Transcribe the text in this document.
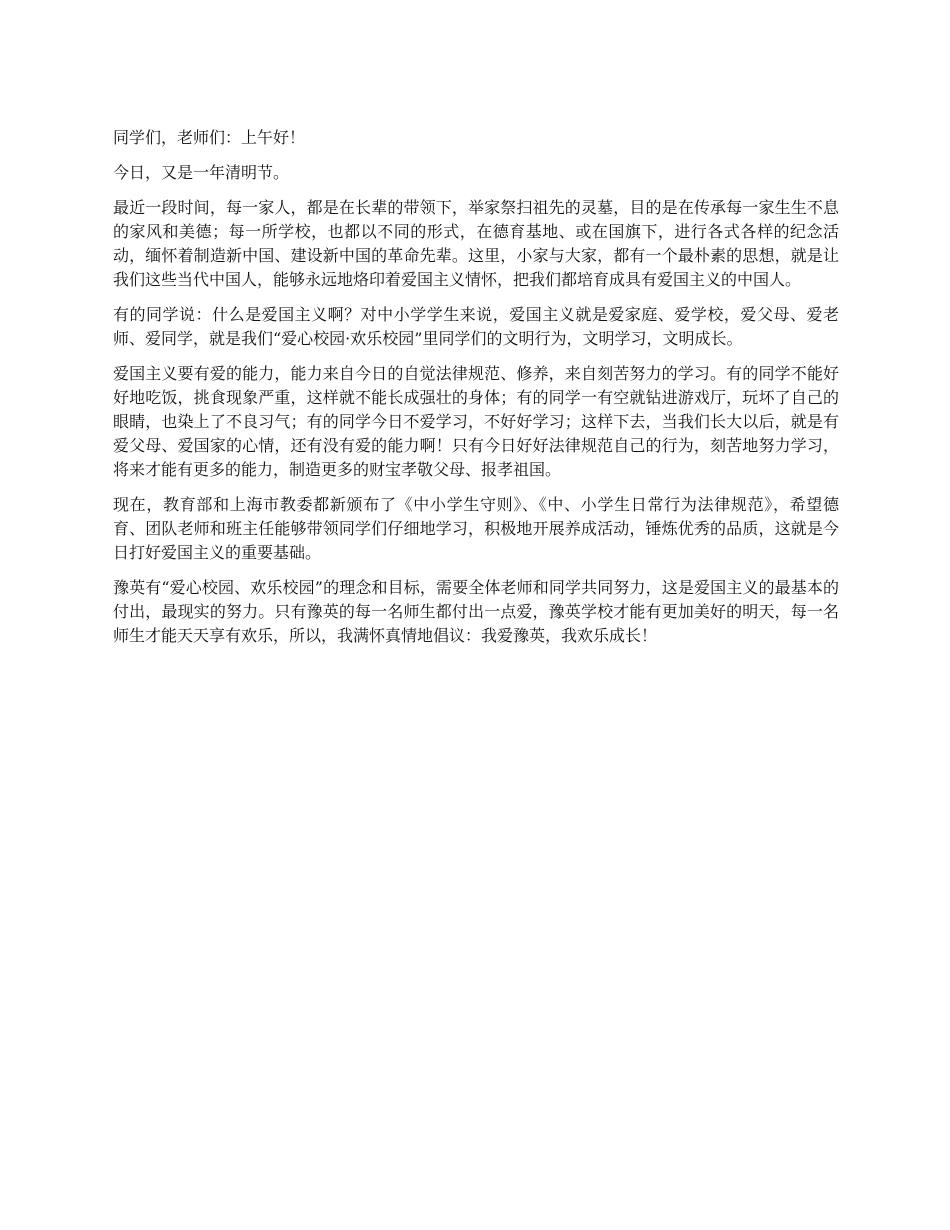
同学们，老师们：上午好！

今日，又是一年清明节。

最近一段时间，每一家人，都是在长辈的带领下，举家祭扫祖先的灵墓，目的是在传承每一家生生不息的家风和美德；每一所学校，也都以不同的形式，在德育基地、或在国旗下，进行各式各样的纪念活动，缅怀着制造新中国、建设新中国的革命先辈。这里，小家与大家，都有一个最朴素的思想，就是让我们这些当代中国人，能够永远地烙印着爱国主义情怀，把我们都培育成具有爱国主义的中国人。

有的同学说：什么是爱国主义啊？对中小学学生来说，爱国主义就是爱家庭、爱学校，爱父母、爱老师、爱同学，就是我们“爱心校园·欢乐校园”里同学们的文明行为，文明学习，文明成长。

爱国主义要有爱的能力，能力来自今日的自觉法律规范、修养，来自刻苦努力的学习。有的同学不能好好地吃饭，挑食现象严重，这样就不能长成强壮的身体；有的同学一有空就钻进游戏厅，玩坏了自己的眼睛，也染上了不良习气；有的同学今日不爱学习，不好好学习；这样下去，当我们长大以后，就是有爱父母、爱国家的心情，还有没有爱的能力啊！只有今日好好法律规范自己的行为，刻苦地努力学习，将来才能有更多的能力，制造更多的财宝孝敬父母、报孝祖国。

现在，教育部和上海市教委都新颁布了《中小学生守则》、《中、小学生日常行为法律规范》，希望德育、团队老师和班主任能够带领同学们仔细地学习，积极地开展养成活动，锤炼优秀的品质，这就是今日打好爱国主义的重要基础。

豫英有“爱心校园、欢乐校园”的理念和目标，需要全体老师和同学共同努力，这是爱国主义的最基本的付出，最现实的努力。只有豫英的每一名师生都付出一点爱，豫英学校才能有更加美好的明天，每一名师生才能天天享有欢乐，所以，我满怀真情地倡议：我爱豫英，我欢乐成长！
